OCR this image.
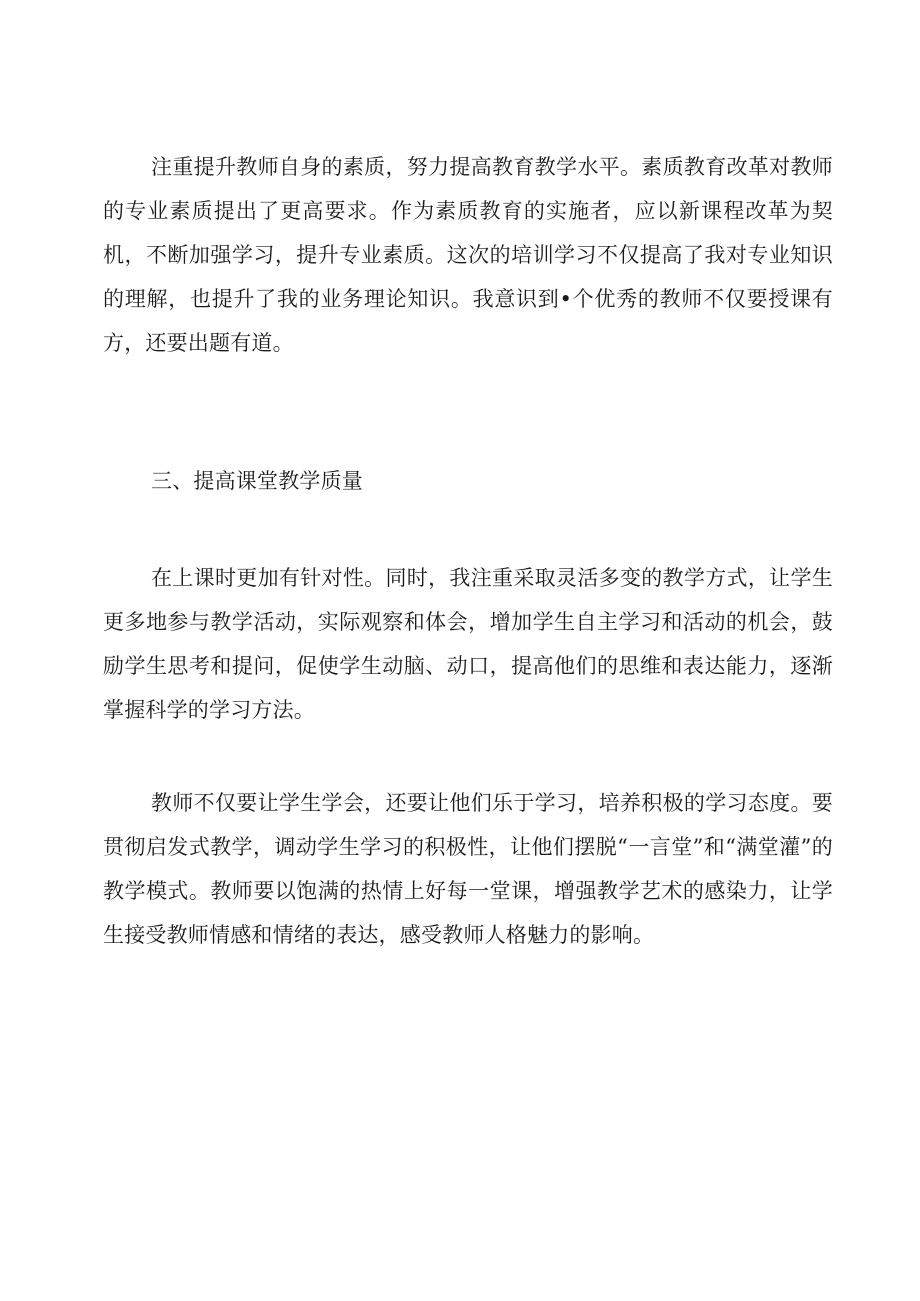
注重提升教师自身的素质，努力提高教育教学水平。素质教育改革对教师的专业素质提出了更高要求。作为素质教育的实施者，应以新课程改革为契机，不断加强学习，提升专业素质。这次的培训学习不仅提高了我对专业知识的理解，也提升了我的业务理论知识。我意识到•个优秀的教师不仅要授课有方，还要出题有道。

三、提高课堂教学质量

在上课时更加有针对性。同时，我注重采取灵活多变的教学方式，让学生更多地参与教学活动，实际观察和体会，增加学生自主学习和活动的机会，鼓励学生思考和提问，促使学生动脑、动口，提高他们的思维和表达能力，逐渐掌握科学的学习方法。

教师不仅要让学生学会，还要让他们乐于学习，培养积极的学习态度。要贯彻启发式教学，调动学生学习的积极性，让他们摆脱“一言堂”和“满堂灌”的教学模式。教师要以饱满的热情上好每一堂课，增强教学艺术的感染力，让学生接受教师情感和情绪的表达，感受教师人格魅力的影响。
